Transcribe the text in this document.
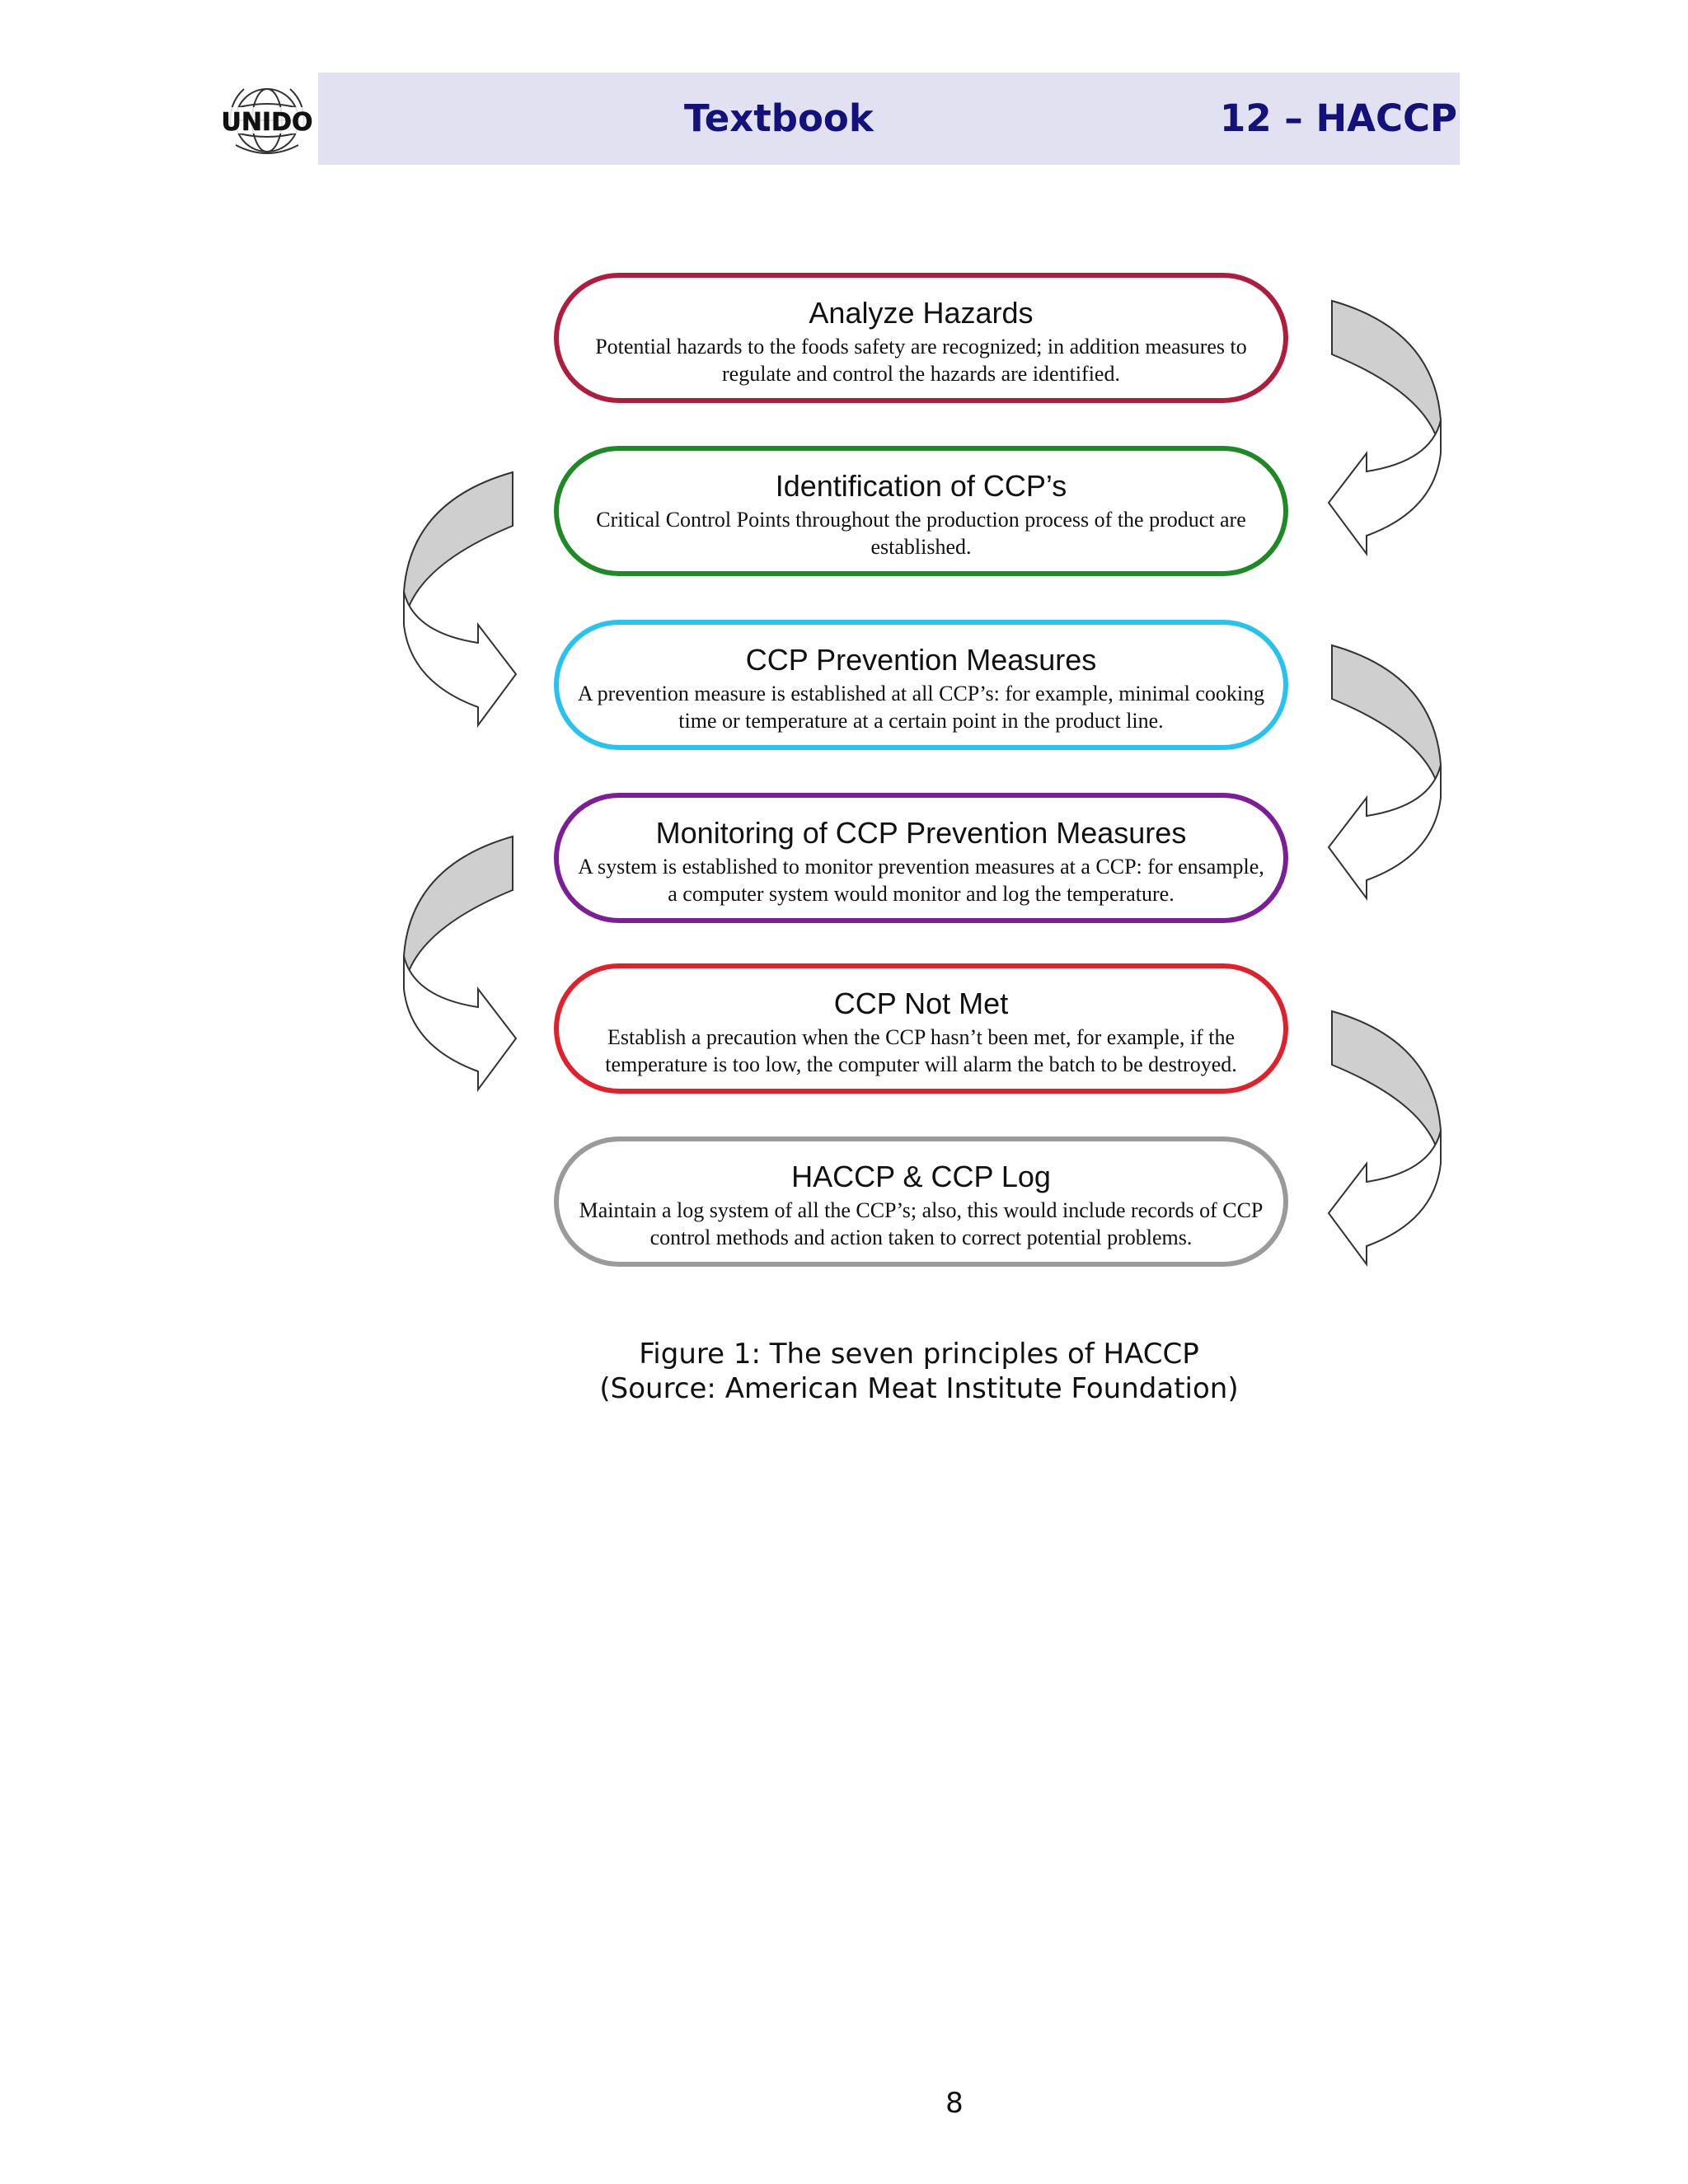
UNIDO	Textbook	12 – HACCP
Analyze Hazards
Potential hazards to the foods safety are recognized; in addition measures to regulate and control the hazards are identified.
Identification of CCP’s
Critical Control Points throughout the production process of the product are established.
CCP Prevention Measures
A prevention measure is established at all CCP’s: for example, minimal cooking time or temperature at a certain point in the product line.
Monitoring of CCP Prevention Measures
A system is established to monitor prevention measures at a CCP: for ensample, a computer system would monitor and log the temperature.
CCP Not Met
Establish a precaution when the CCP hasn’t been met, for example, if the temperature is too low, the computer will alarm the batch to be destroyed.
HACCP & CCP Log
Maintain a log system of all the CCP’s; also, this would include records of CCP control methods and action taken to correct potential problems.
Figure 1: The seven principles of HACCP
(Source: American Meat Institute Foundation)
8
